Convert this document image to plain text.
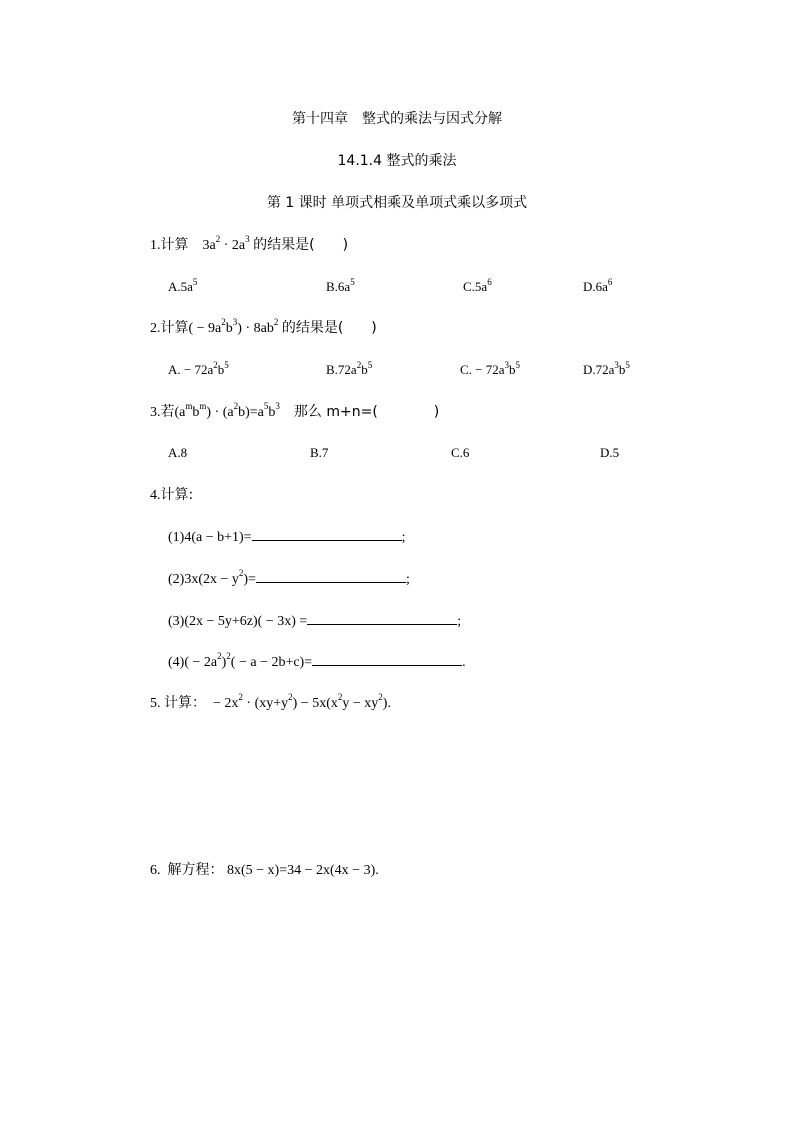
第十四章　整式的乘法与因式分解
14.1.4 整式的乘法
第 1 课时 单项式相乘及单项式乘以多项式
1.计算    $3a^2 \cdot 2a^3$ 的结果是(　　)
$A.5a^5$	$B.6a^5$	$C.5a^6$	$D.6a^6$
2.计算( − $9a^2b^3) \cdot 8ab^2$ 的结果是(　　)
A. − $72a^2b^5$	$B.72a^2b^5$	C. − $72a^3b^5$	$D.72a^3b^5$
3.若$(a^mb^m) \cdot (a^2b)=a^5b^3$ 那么 m+n=(　　　　)
A.8	B.7	C.6	D.5
4.计算:
(1)4(a − b+1)=	;
$(2)3x(2x - y^2)=$	;
(3)(2x − 5y+6z)( − 3x) =	;
$(4)( - 2a^2)^2( - a - 2b+c)=$	.
5. 计算：  − $2x^2 \cdot (xy+y^2) - 5x(x^2y - xy^2)$.
6. 解方程： 8x(5 − x)=34 − 2x(4x − 3).
